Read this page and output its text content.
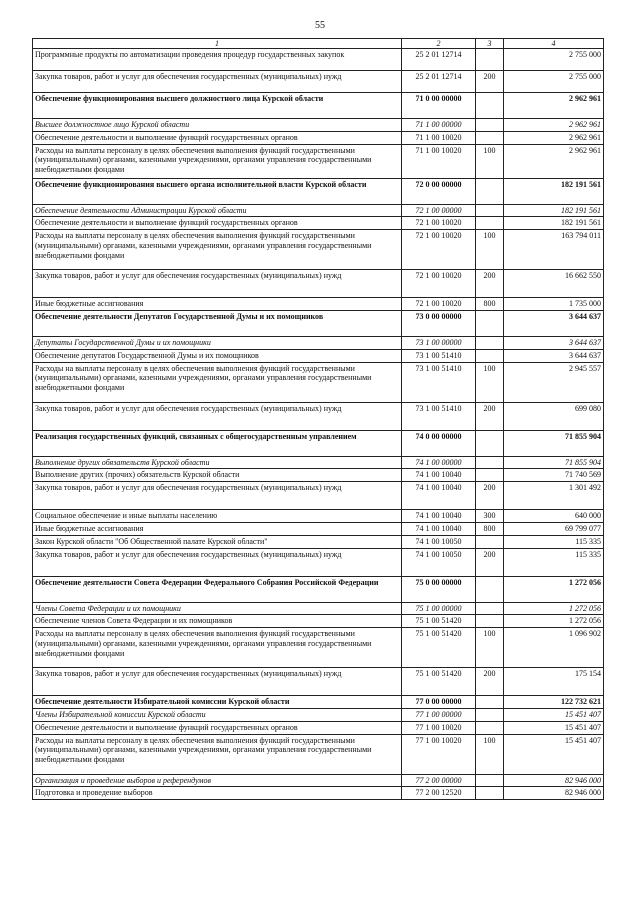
55
1	2	3	4
Программные продукты по автоматизации проведения процедур государственных закупок	25 2 01 12714		2 755 000
Закупка товаров, работ и услуг для обеспечения государственных (муниципальных) нужд	25 2 01 12714	200	2 755 000
Обеспечение функционирования высшего должностного лица Курской области	71 0 00 00000		2 962 961
Высшее должностное лицо Курской области	71 1 00 00000		2 962 961
Обеспечение деятельности и выполнение функций государственных органов	71 1 00 10020		2 962 961
Расходы на выплаты персоналу в целях обеспечения выполнения функций государственными (муниципальными) органами, казенными учреждениями, органами управления государственными внебюджетными фондами	71 1 00 10020	100	2 962 961
Обеспечение функционирования высшего органа исполнительной власти Курской области	72 0 00 00000		182 191 561
Обеспечение деятельности Администрации Курской области	72 1 00 00000		182 191 561
Обеспечение деятельности и выполнение функций государственных органов	72 1 00 10020		182 191 561
Расходы на выплаты персоналу в целях обеспечения выполнения функций государственными (муниципальными) органами, казенными учреждениями, органами управления государственными внебюджетными фондами	72 1 00 10020	100	163 794 011
Закупка товаров, работ и услуг для обеспечения государственных (муниципальных) нужд	72 1 00 10020	200	16 662 550
Иные бюджетные ассигнования	72 1 00 10020	800	1 735 000
Обеспечение деятельности Депутатов Государственной Думы и их помощников	73 0 00 00000		3 644 637
Депутаты Государственной Думы и их помощники	73 1 00 00000		3 644 637
Обеспечение депутатов Государственной Думы и их помощников	73 1 00 51410		3 644 637
Расходы на выплаты персоналу в целях обеспечения выполнения функций государственными (муниципальными) органами, казенными учреждениями, органами управления государственными внебюджетными фондами	73 1 00 51410	100	2 945 557
Закупка товаров, работ и услуг для обеспечения государственных (муниципальных) нужд	73 1 00 51410	200	699 080
Реализация государственных функций, связанных с общегосударственным управлением	74 0 00 00000		71 855 904
Выполнение других обязательств Курской области	74 1 00 00000		71 855 904
Выполнение других (прочих) обязательств Курской области	74 1 00 10040		71 740 569
Закупка товаров, работ и услуг для обеспечения государственных (муниципальных) нужд	74 1 00 10040	200	1 301 492
Социальное обеспечение и иные выплаты населению	74 1 00 10040	300	640 000
Иные бюджетные ассигнования	74 1 00 10040	800	69 799 077
Закон Курской области "Об Общественной палате Курской области"	74 1 00 10050		115 335
Закупка товаров, работ и услуг для обеспечения государственных (муниципальных) нужд	74 1 00 10050	200	115 335
Обеспечение деятельности Совета Федерации Федерального Собрания Российской Федерации	75 0 00 00000		1 272 056
Члены Совета Федерации и их помощники	75 1 00 00000		1 272 056
Обеспечение членов Совета Федерации и их помощников	75 1 00 51420		1 272 056
Расходы на выплаты персоналу в целях обеспечения выполнения функций государственными (муниципальными) органами, казенными учреждениями, органами управления государственными внебюджетными фондами	75 1 00 51420	100	1 096 902
Закупка товаров, работ и услуг для обеспечения государственных (муниципальных) нужд	75 1 00 51420	200	175 154
Обеспечение деятельности Избирательной комиссии Курской области	77 0 00 00000		122 732 621
Члены Избирательной комиссии Курской области	77 1 00 00000		15 451 407
Обеспечение деятельности и выполнение функций государственных органов	77 1 00 10020		15 451 407
Расходы на выплаты персоналу в целях обеспечения выполнения функций государственными (муниципальными) органами, казенными учреждениями, органами управления государственными внебюджетными фондами	77 1 00 10020	100	15 451 407
Организация и проведение выборов и референдумов	77 2 00 00000		82 946 000
Подготовка и проведение выборов	77 2 00 12520		82 946 000
